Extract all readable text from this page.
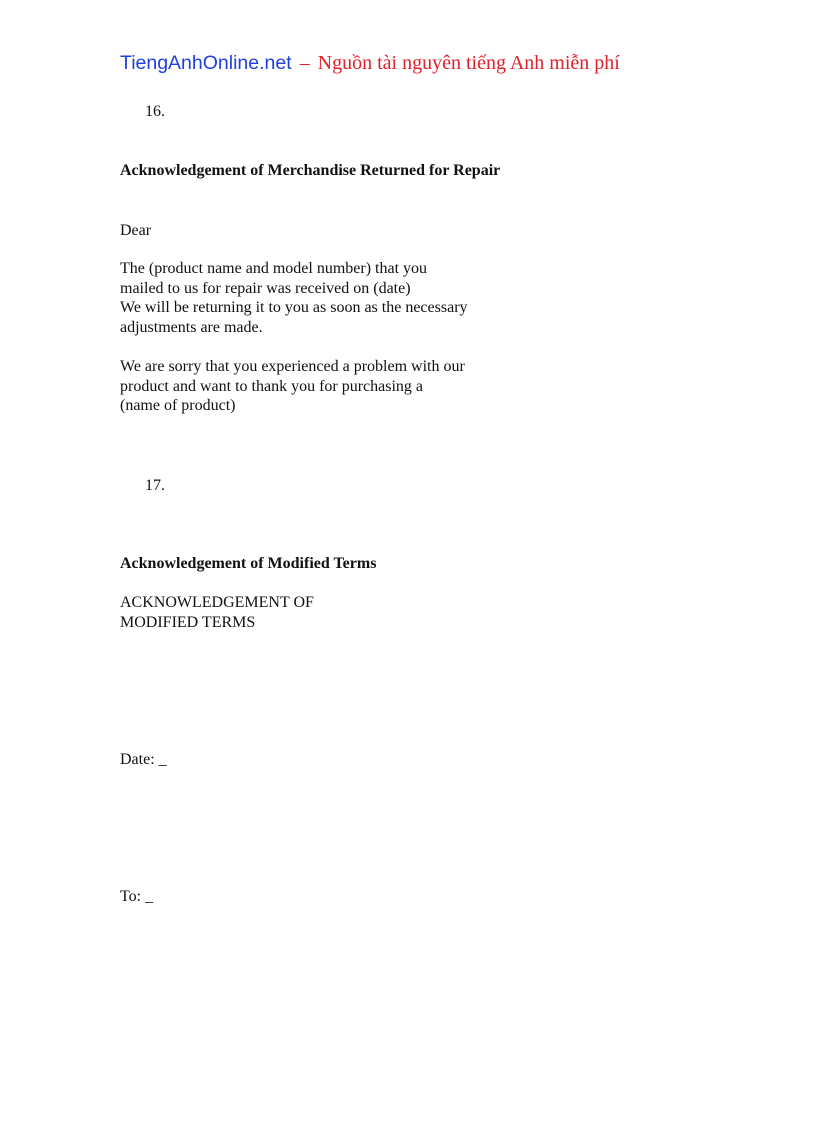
TiengAnhOnline.net – Nguồn tài nguyên tiếng Anh miễn phí
16.
Acknowledgement of Merchandise Returned for Repair
Dear
The (product name and model number) that you
mailed to us for repair was received on (date)
We will be returning it to you as soon as the necessary
adjustments are made.
We are sorry that you experienced a problem with our
product and want to thank you for purchasing a
(name of product)
17.
Acknowledgement of Modified Terms
ACKNOWLEDGEMENT OF
MODIFIED TERMS
Date: _
To: _
